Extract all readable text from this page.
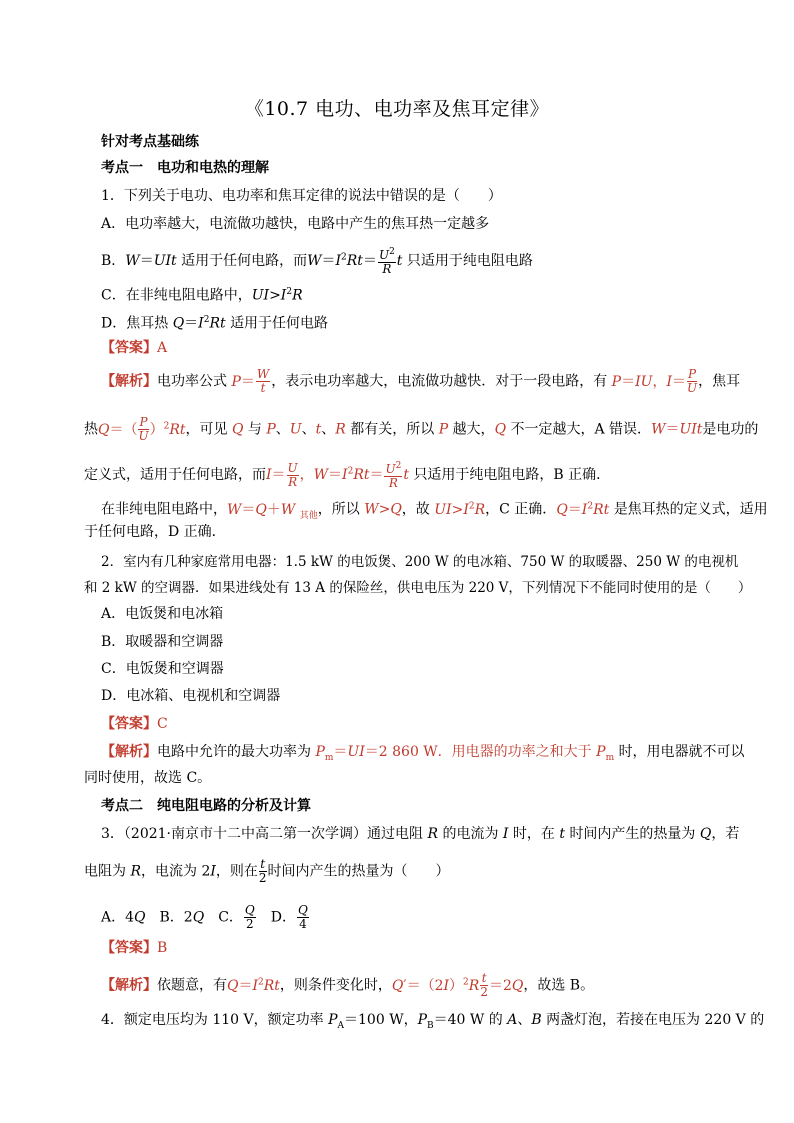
《10.7 电功、电功率及焦耳定律》
针对考点基础练
考点一　电功和电热的理解
1．下列关于电功、电功率和焦耳定律的说法中错误的是（　　）
A．电功率越大，电流做功越快，电路中产生的焦耳热一定越多
B．W＝UIt 适用于任何电路，而$W=I^2Rt= \frac{U^2}{R}$ t 只适用于纯电阻电路
C．在非纯电阻电路中，$UI>I^2R$
D．焦耳热 $Q=I^2Rt$ 适用于任何电路
【答案】A
【解析】电功率公式 $P= \frac{W}{t}$ ，表示电功率越大，电流做功越快．对于一段电路，有 P＝IU，$I= \frac{P}{U}$ ，焦耳
热$Q=( \frac{P}{U} )^2Rt$，可见 Q 与 P、U、t、R 都有关，所以 P 越大，Q 不一定越大，A 错误．W＝UIt是电功的
定义式，适用于任何电路，而$I= \frac{U}{R}$ ，$W=I^2Rt= \frac{U^2}{R}$ t 只适用于纯电阻电路，B 正确．
在非纯电阻电路中，W＝Q＋W $_{其他}$，所以 W>Q，故 $UI>I^2R$，C 正确．$Q=I^2Rt$ 是焦耳热的定义式，适用
于任何电路，D 正确．
2．室内有几种家庭常用电器：1.5 kW 的电饭煲、200 W 的电冰箱、750 W 的取暖器、250 W 的电视机
和 2 kW 的空调器．如果进线处有 13 A 的保险丝，供电电压为 220 V，下列情况下不能同时使用的是（　　）
A．电饭煲和电冰箱
B．取暖器和空调器
C．电饭煲和空调器
D．电冰箱、电视机和空调器
【答案】C
【解析】电路中允许的最大功率为 $P_m=UI=2$ 860 W．用电器的功率之和大于 $P_m$ 时，用电器就不可以
同时使用，故选 C。
考点二　纯电阻电路的分析及计算
3．（2021·南京市十二中高二第一次学调）通过电阻 R 的电流为 I 时，在 t 时间内产生的热量为 Q，若
电阻为 R，电流为 2I，则在 $\frac{t}{2}$ 时间内产生的热量为（　　）
A．4Q　 B．2Q　 C． $\frac{Q}{2}$
　 D． $\frac{Q}{4}$
【答案】B
【解析】依题意，有$Q=I^2Rt$，则条件变化时，$Q'=(2I)^2R \frac{t}{2} =2Q$，故选 B。
4．额定电压均为 110 V，额定功率 $P_A=100$ W，$P_B=40$ W 的 A、B 两盏灯泡，若接在电压为 220 V 的
